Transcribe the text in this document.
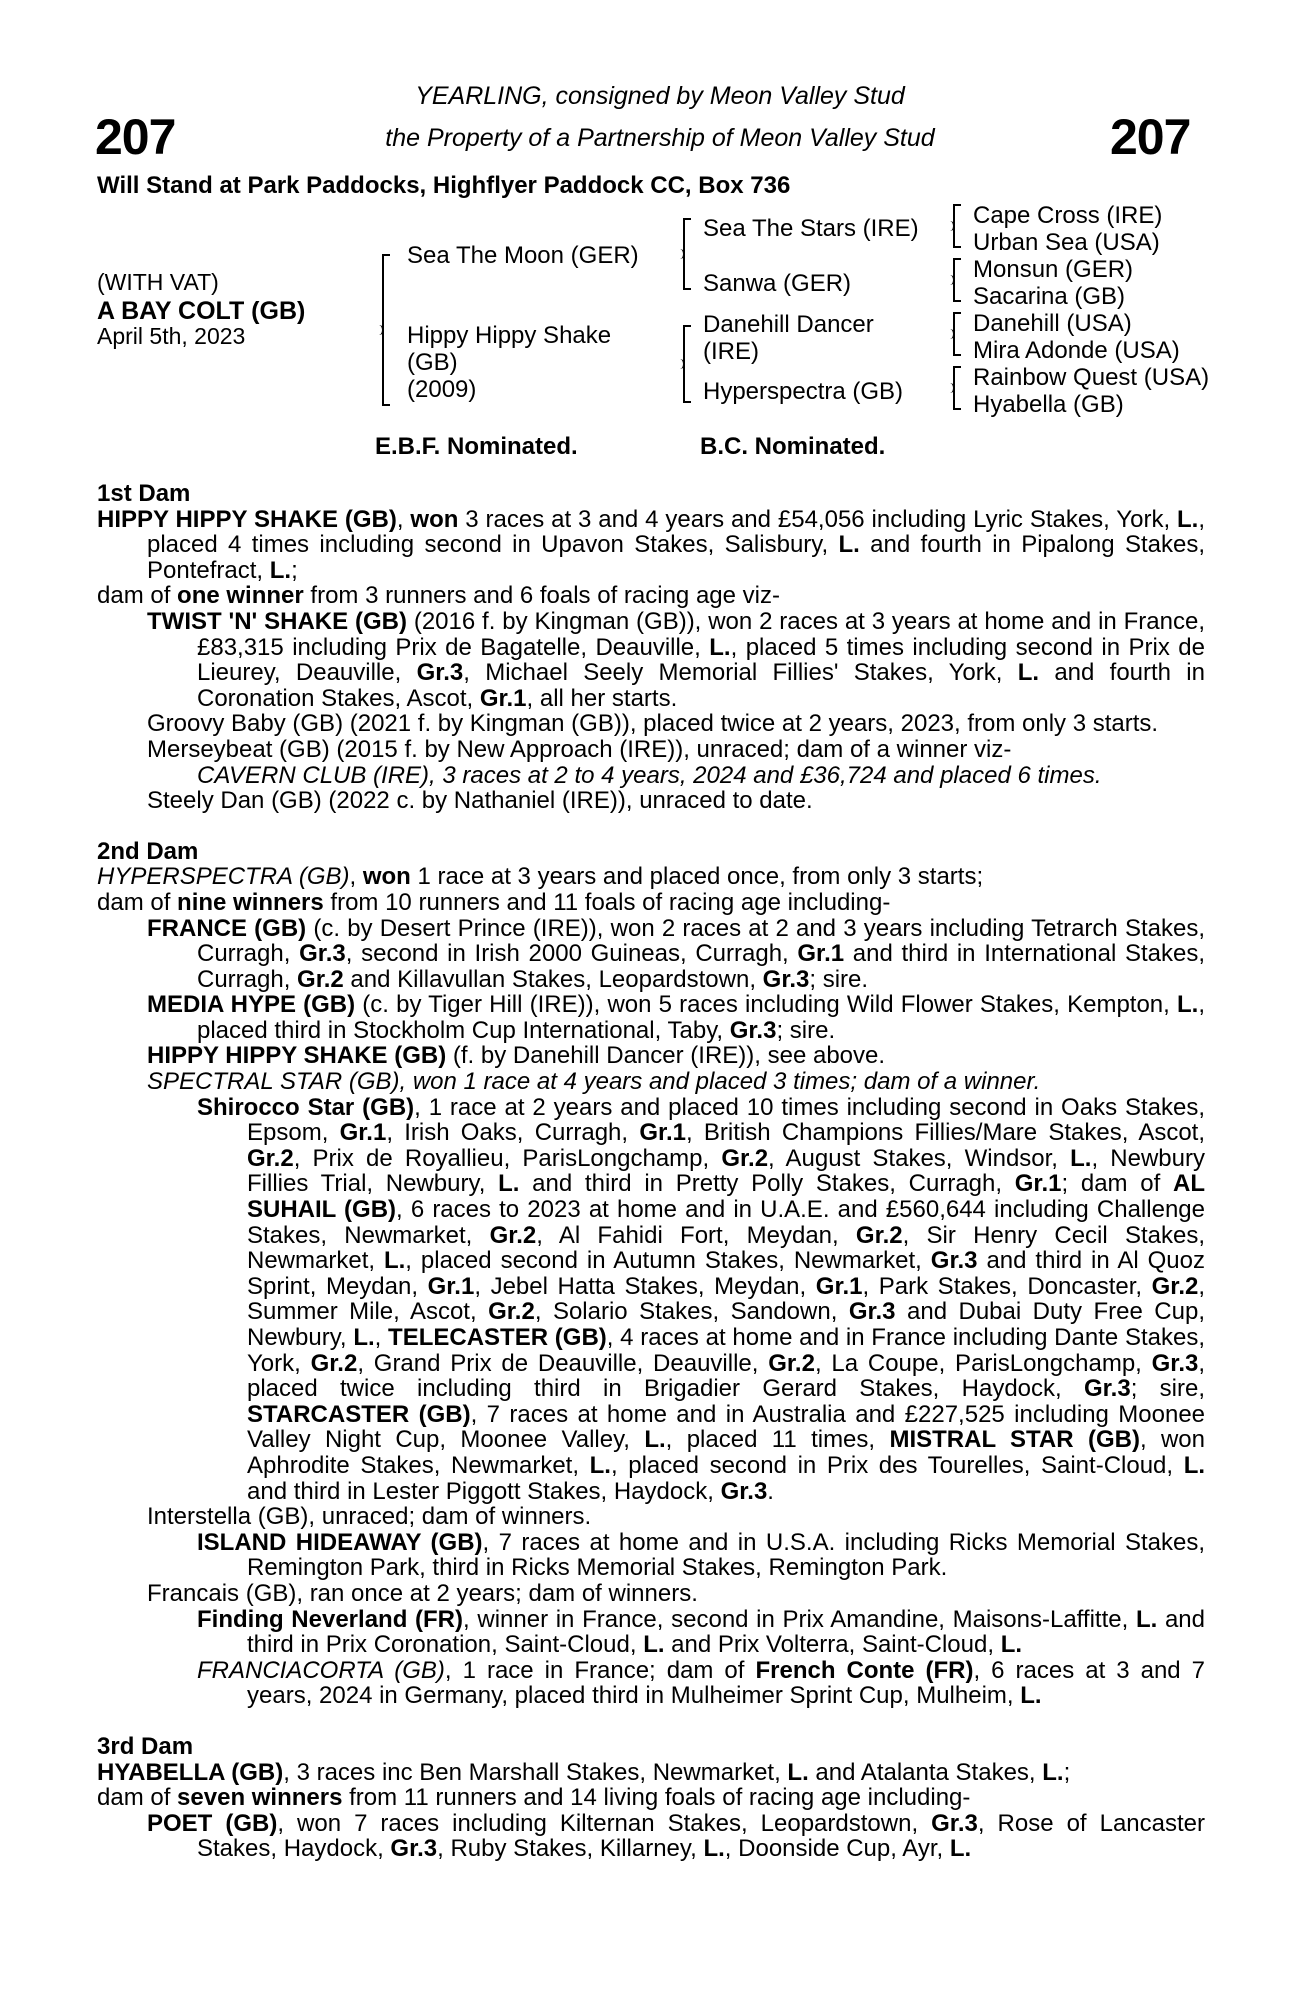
207	207
YEARLING, consigned by Meon Valley Stud
the Property of a Partnership of Meon Valley Stud
Will Stand at Park Paddocks, Highflyer Paddock CC, Box 736
(WITH VAT)
A BAY COLT (GB)
April 5th, 2023
Sea The Moon (GER)
Hippy Hippy Shake
(GB)
(2009)
Sea The Stars (IRE)
Sanwa (GER)
Danehill Dancer
(IRE)
Hyperspectra (GB)
Cape Cross (IRE)
Urban Sea (USA)
Monsun (GER)
Sacarina (GB)
Danehill (USA)
Mira Adonde (USA)
Rainbow Quest (USA)
Hyabella (GB)
E.B.F. Nominated.	B.C. Nominated.

1st Dam

HIPPY HIPPY SHAKE (GB), won 3 races at 3 and 4 years and £54,056 including Lyric Stakes, York, L., placed 4 times including second in Upavon Stakes, Salisbury, L. and fourth in Pipalong Stakes, Pontefract, L.;

dam of one winner from 3 runners and 6 foals of racing age viz-

TWIST 'N' SHAKE (GB) (2016 f. by Kingman (GB)), won 2 races at 3 years at home and in France, £83,315 including Prix de Bagatelle, Deauville, L., placed 5 times including second in Prix de Lieurey, Deauville, Gr.3, Michael Seely Memorial Fillies' Stakes, York, L. and fourth in Coronation Stakes, Ascot, Gr.1, all her starts.

Groovy Baby (GB) (2021 f. by Kingman (GB)), placed twice at 2 years, 2023, from only 3 starts.

Merseybeat (GB) (2015 f. by New Approach (IRE)), unraced; dam of a winner viz-

CAVERN CLUB (IRE), 3 races at 2 to 4 years, 2024 and £36,724 and placed 6 times.

Steely Dan (GB) (2022 c. by Nathaniel (IRE)), unraced to date.

2nd Dam

HYPERSPECTRA (GB), won 1 race at 3 years and placed once, from only 3 starts;

dam of nine winners from 10 runners and 11 foals of racing age including-

FRANCE (GB) (c. by Desert Prince (IRE)), won 2 races at 2 and 3 years including Tetrarch Stakes, Curragh, Gr.3, second in Irish 2000 Guineas, Curragh, Gr.1 and third in International Stakes, Curragh, Gr.2 and Killavullan Stakes, Leopardstown, Gr.3; sire.

MEDIA HYPE (GB) (c. by Tiger Hill (IRE)), won 5 races including Wild Flower Stakes, Kempton, L., placed third in Stockholm Cup International, Taby, Gr.3; sire.

HIPPY HIPPY SHAKE (GB) (f. by Danehill Dancer (IRE)), see above.

SPECTRAL STAR (GB), won 1 race at 4 years and placed 3 times; dam of a winner.

Shirocco Star (GB), 1 race at 2 years and placed 10 times including second in Oaks Stakes, Epsom, Gr.1, Irish Oaks, Curragh, Gr.1, British Champions Fillies/Mare Stakes, Ascot, Gr.2, Prix de Royallieu, ParisLongchamp, Gr.2, August Stakes, Windsor, L., Newbury Fillies Trial, Newbury, L. and third in Pretty Polly Stakes, Curragh, Gr.1; dam of AL SUHAIL (GB), 6 races to 2023 at home and in U.A.E. and £560,644 including Challenge Stakes, Newmarket, Gr.2, Al Fahidi Fort, Meydan, Gr.2, Sir Henry Cecil Stakes, Newmarket, L., placed second in Autumn Stakes, Newmarket, Gr.3 and third in Al Quoz Sprint, Meydan, Gr.1, Jebel Hatta Stakes, Meydan, Gr.1, Park Stakes, Doncaster, Gr.2, Summer Mile, Ascot, Gr.2, Solario Stakes, Sandown, Gr.3 and Dubai Duty Free Cup, Newbury, L., TELECASTER (GB), 4 races at home and in France including Dante Stakes, York, Gr.2, Grand Prix de Deauville, Deauville, Gr.2, La Coupe, ParisLongchamp, Gr.3, placed twice including third in Brigadier Gerard Stakes, Haydock, Gr.3; sire, STARCASTER (GB), 7 races at home and in Australia and £227,525 including Moonee Valley Night Cup, Moonee Valley, L., placed 11 times, MISTRAL STAR (GB), won Aphrodite Stakes, Newmarket, L., placed second in Prix des Tourelles, Saint-Cloud, L. and third in Lester Piggott Stakes, Haydock, Gr.3.

Interstella (GB), unraced; dam of winners.

ISLAND HIDEAWAY (GB), 7 races at home and in U.S.A. including Ricks Memorial Stakes, Remington Park, third in Ricks Memorial Stakes, Remington Park.

Francais (GB), ran once at 2 years; dam of winners.

Finding Neverland (FR), winner in France, second in Prix Amandine, Maisons-Laffitte, L. and third in Prix Coronation, Saint-Cloud, L. and Prix Volterra, Saint-Cloud, L.

FRANCIACORTA (GB), 1 race in France; dam of French Conte (FR), 6 races at 3 and 7 years, 2024 in Germany, placed third in Mulheimer Sprint Cup, Mulheim, L.

3rd Dam

HYABELLA (GB), 3 races inc Ben Marshall Stakes, Newmarket, L. and Atalanta Stakes, L.;

dam of seven winners from 11 runners and 14 living foals of racing age including-

POET (GB), won 7 races including Kilternan Stakes, Leopardstown, Gr.3, Rose of Lancaster Stakes, Haydock, Gr.3, Ruby Stakes, Killarney, L., Doonside Cup, Ayr, L.
